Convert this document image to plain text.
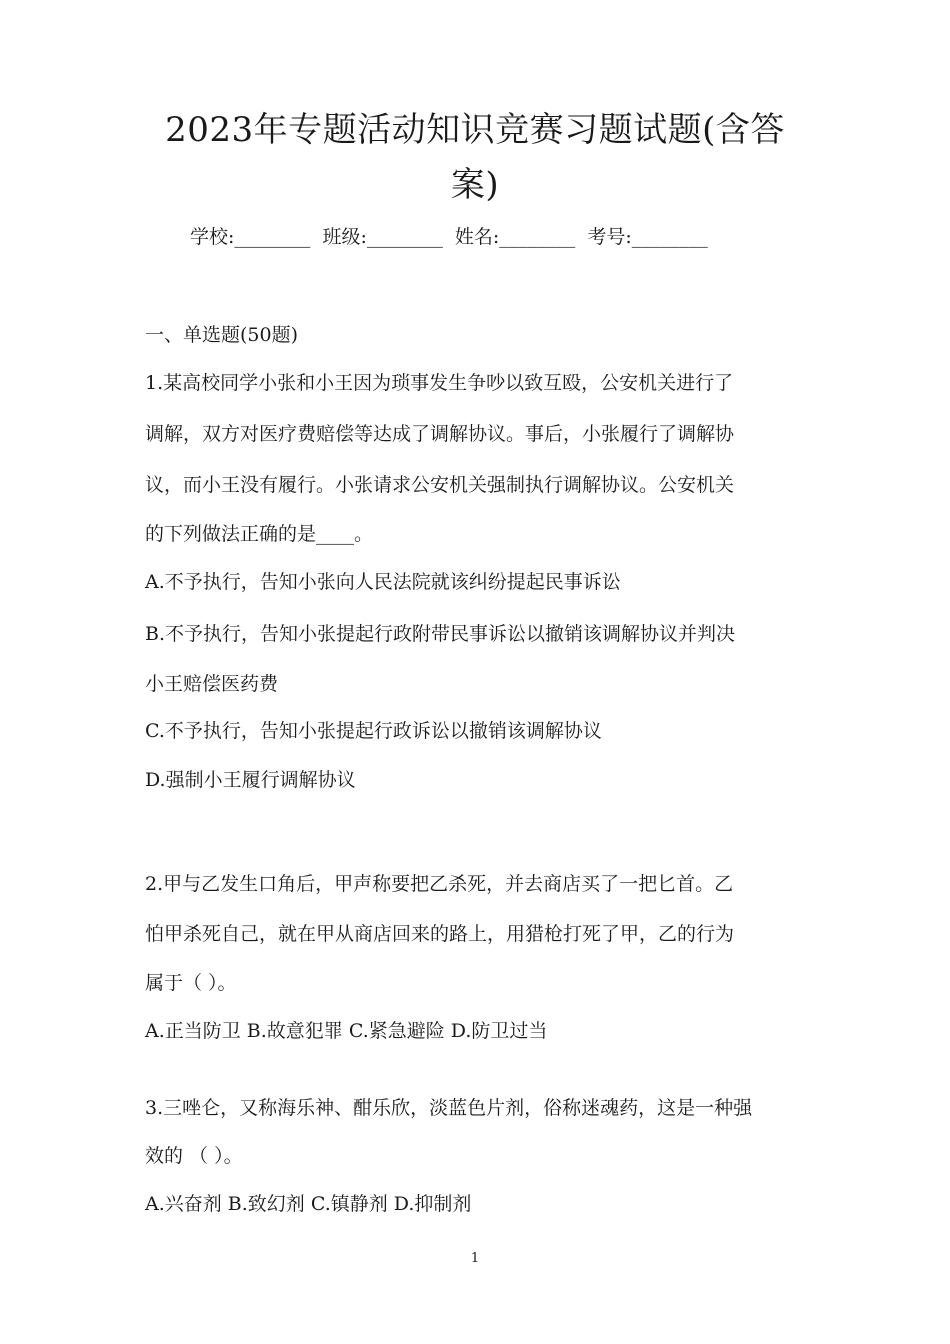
2023年专题活动知识竞赛习题试题(含答
案)
学校:________ 班级:________ 姓名:________ 考号:________
一、单选题(50题)
1.某高校同学小张和小王因为琐事发生争吵以致互殴，公安机关进行了
调解，双方对医疗费赔偿等达成了调解协议。事后，小张履行了调解协
议，而小王没有履行。小张请求公安机关强制执行调解协议。公安机关
的下列做法正确的是____。
A.不予执行，告知小张向人民法院就该纠纷提起民事诉讼
B.不予执行，告知小张提起行政附带民事诉讼以撤销该调解协议并判决
小王赔偿医药费
C.不予执行，告知小张提起行政诉讼以撤销该调解协议
D.强制小王履行调解协议
2.甲与乙发生口角后，甲声称要把乙杀死，并去商店买了一把匕首。乙
怕甲杀死自己，就在甲从商店回来的路上，用猎枪打死了甲，乙的行为
属于（ ）。
A.正当防卫 B.故意犯罪 C.紧急避险 D.防卫过当
3.三唑仑，又称海乐神、酣乐欣，淡蓝色片剂，俗称迷魂药，这是一种强
效的 （ ）。
A.兴奋剂 B.致幻剂 C.镇静剂 D.抑制剂
1
